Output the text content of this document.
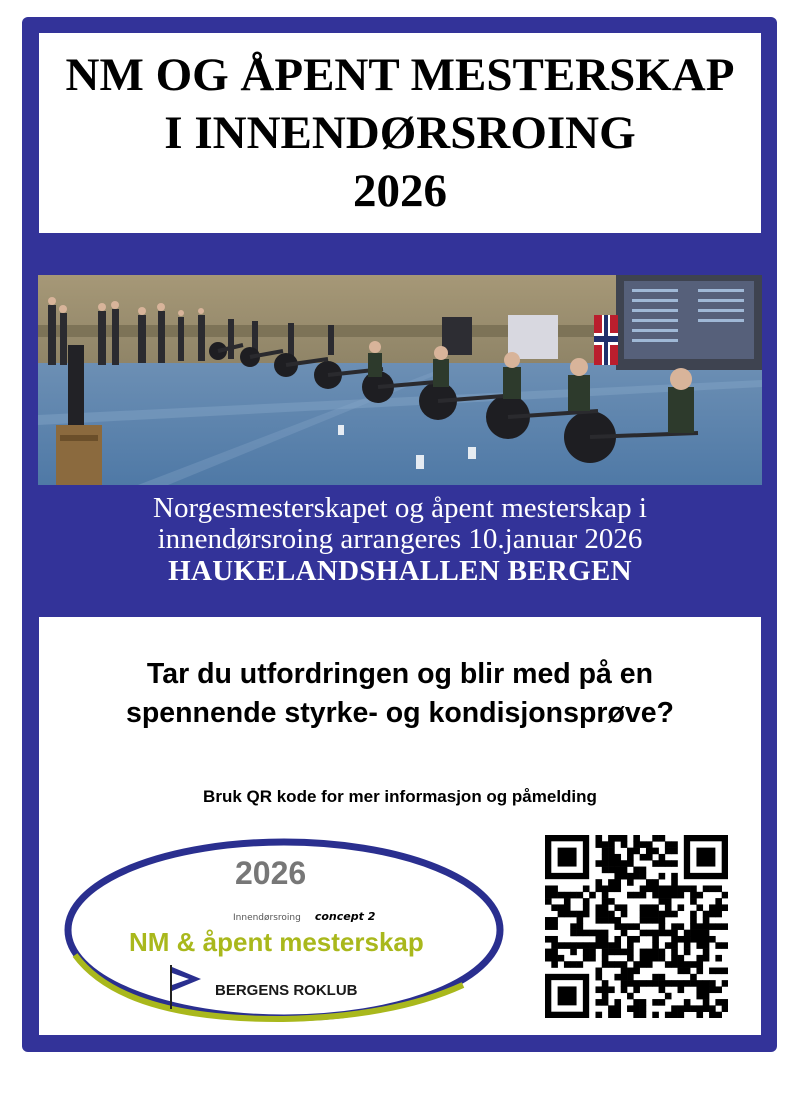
NM OG ÅPENT MESTERSKAP
I INNENDØRSROING
2026
Norgesmesterskapet og åpent mesterskap i
innendørsroing arrangeres 10.januar 2026
HAUKELANDSHALLEN BERGEN
Tar du utfordringen og blir med på en
spennende styrke- og kondisjonsprøve?
Bruk QR kode for mer informasjon og påmelding
2026
Innendørsroing concept 2
NM & åpent mesterskap
BERGENS ROKLUB
